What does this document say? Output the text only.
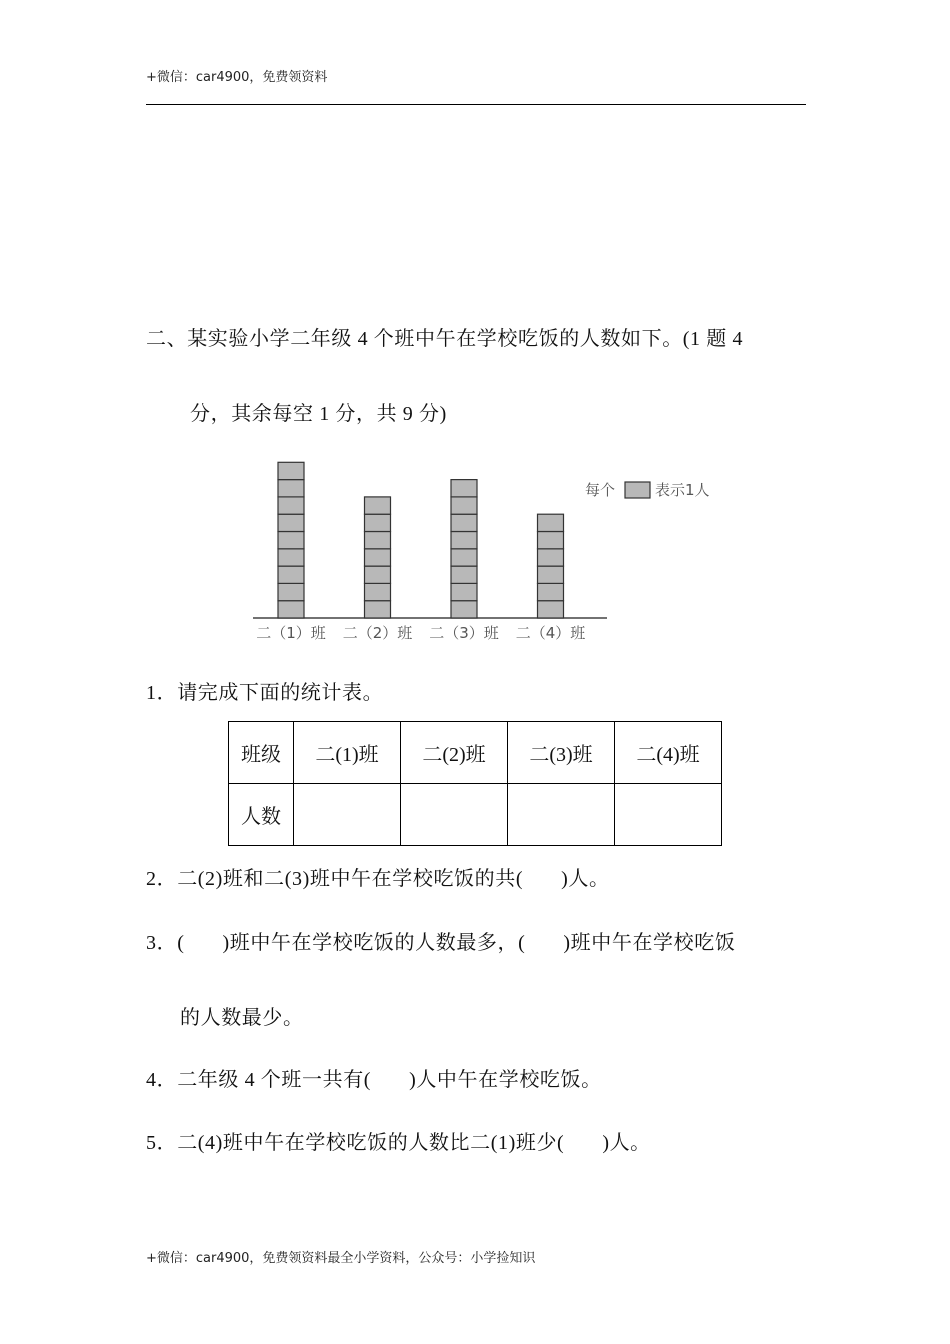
+微信：car4900，免费领资料
二、某实验小学二年级 4 个班中午在学校吃饭的人数如下。(1 题 4
分，其余每空 1 分，共 9 分)
二（1）班 二（2）班 二（3）班 二（4）班
每个	表示1人
1．请完成下面的统计表。
班级	二(1)班	二(2)班	二(3)班	二(4)班
人数				
2．二(2)班和二(3)班中午在学校吃饭的共( )人。
3．( )班中午在学校吃饭的人数最多，( )班中午在学校吃饭
的人数最少。
4．二年级 4 个班一共有( )人中午在学校吃饭。
5．二(4)班中午在学校吃饭的人数比二(1)班少( )人。
+微信：car4900，免费领资料最全小学资料，公众号：小学捡知识
